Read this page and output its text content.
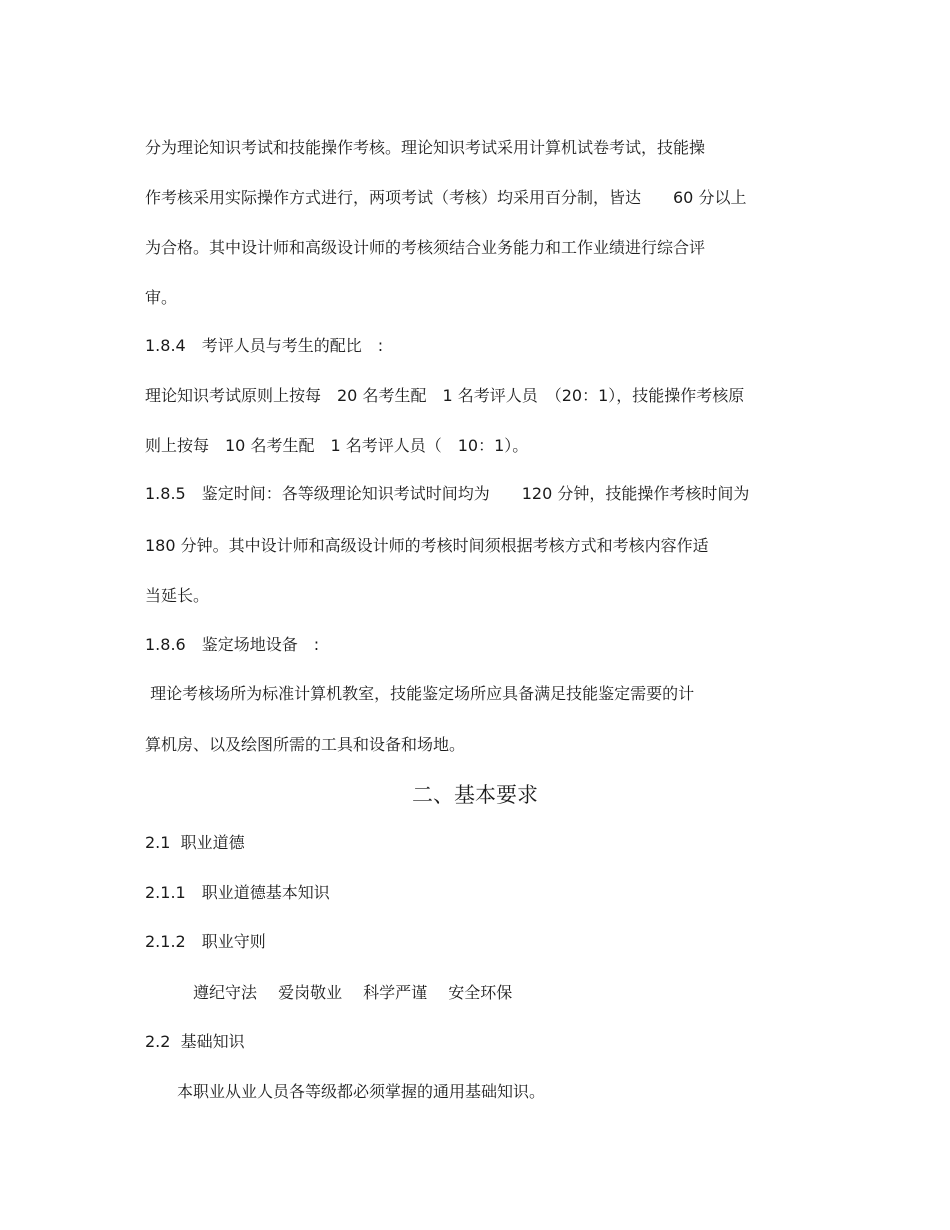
分为理论知识考试和技能操作考核。理论知识考试采用计算机试卷考试，技能操
作考核采用实际操作方式进行，两项考试（考核）均采用百分制，皆达　　60 分以上
为合格。其中设计师和高级设计师的考核须结合业务能力和工作业绩进行综合评
审。
1.8.4　考评人员与考生的配比　:
理论知识考试原则上按每　20 名考生配　1 名考评人员　（20：1），技能操作考核原
则上按每　10 名考生配　1 名考评人员（　10：1）。
1.8.5　鉴定时间：各等级理论知识考试时间均为　　120 分钟，技能操作考核时间为
180 分钟。其中设计师和高级设计师的考核时间须根据考核方式和考核内容作适
当延长。
1.8.6　鉴定场地设备　:
理论考核场所为标准计算机教室，技能鉴定场所应具备满足技能鉴定需要的计
算机房、以及绘图所需的工具和设备和场地。
二、基本要求
2.1  职业道德
2.1.1　职业道德基本知识
2.1.2　职业守则
　　　遵纪守法　 爱岗敬业　 科学严谨　 安全环保
2.2  基础知识
　　本职业从业人员各等级都必须掌握的通用基础知识。
